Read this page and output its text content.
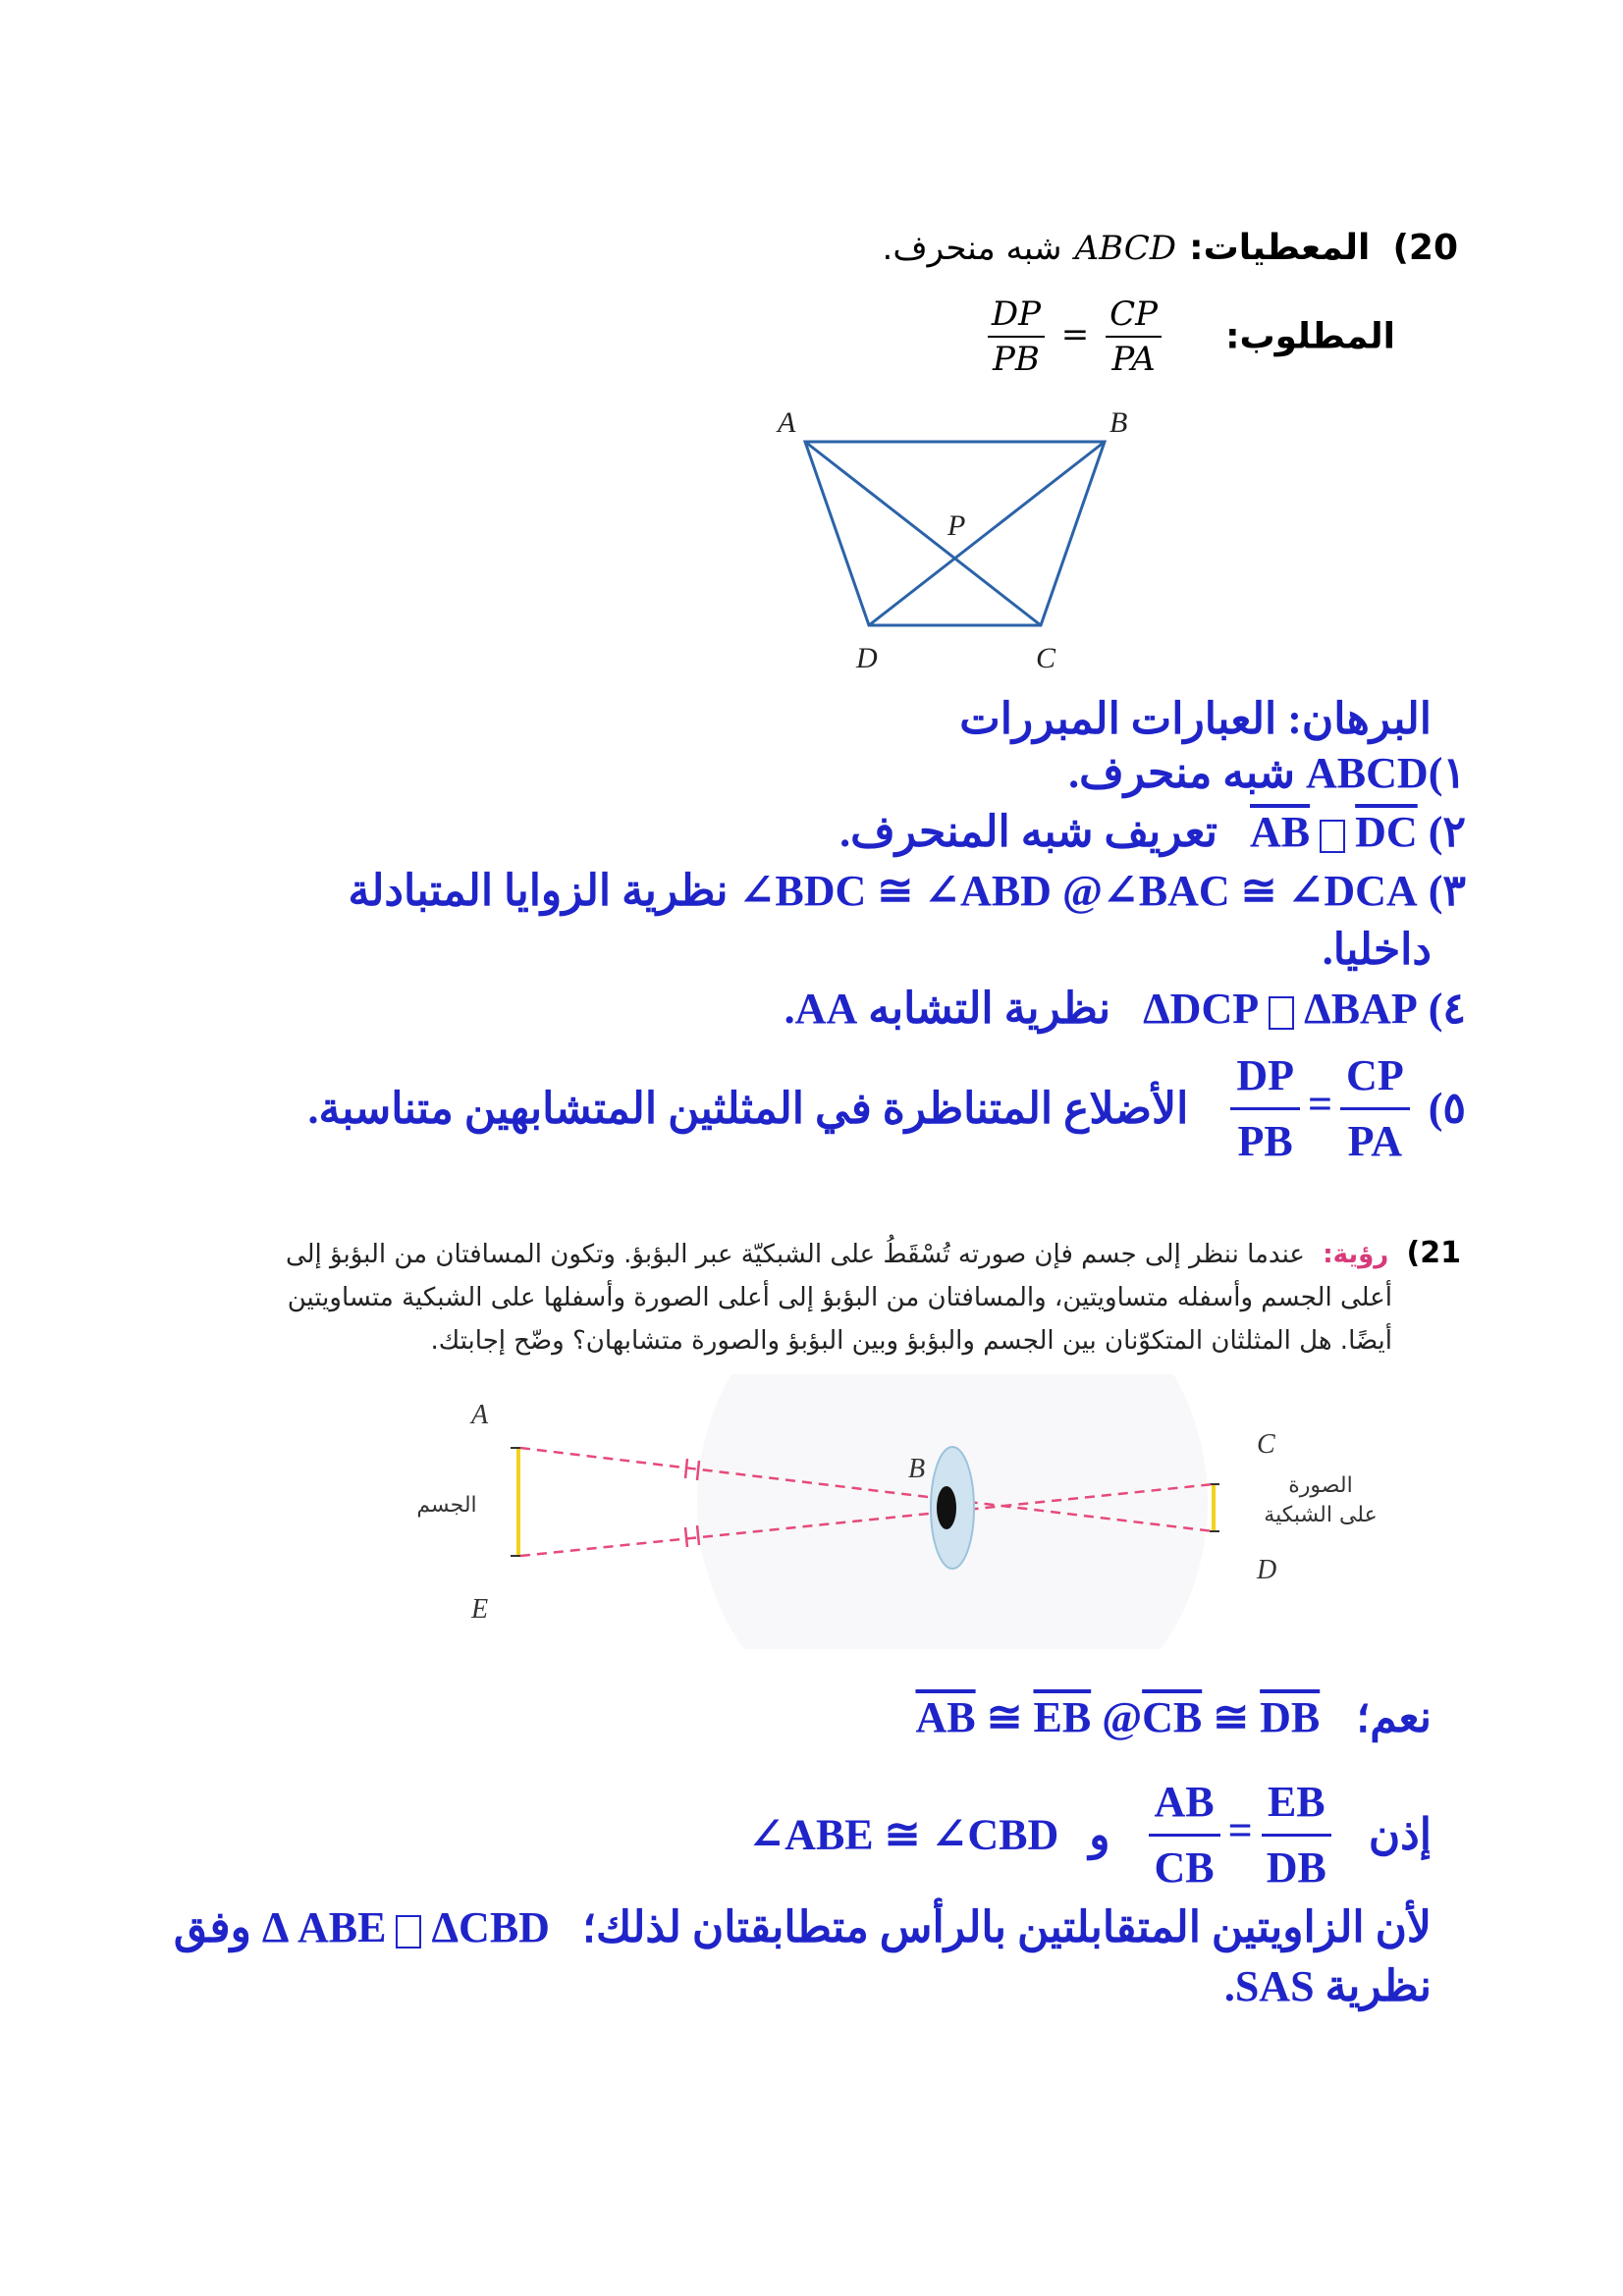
20) المعطيات: ABCD شبه منحرف.
المطلوب:
$\frac{DP}{PB} = \frac{CP}{PA}$
A	B
P
D	C
البرهان: العبارات المبررات
١)ABCD شبه منحرف.
٢) $\overline{AB}$ $\overline{DC}$ تعريف شبه المنحرف.
٣) ∠BDC ≅ ∠ABD @∠BAC ≅ ∠DCA نظرية الزوايا المتبادلة
داخليا.
٤) ΔDCP ΔBAP نظرية التشابه AA.
٥)
$\frac{DP}{PB} = \frac{CP}{PA}$
الأضلاع المتناظرة في المثلثين المتشابهين متناسبة.
21) رؤية: عندما ننظر إلى جسم فإن صورته تُسْقَطُ على الشبكيّة عبر البؤبؤ. وتكون المسافتان من البؤبؤ إلى
أعلى الجسم وأسفله متساويتين، والمسافتان من البؤبؤ إلى أعلى الصورة وأسفلها على الشبكية متساويتين
أيضًا. هل المثلثان المتكوّنان بين الجسم والبؤبؤ وبين البؤبؤ والصورة متشابهان؟ وضّح إجابتك.
A
E
B
C
D
الجسم
الصورة
على الشبكية
نعم؛ $\overline{AB}$ ≅ $\overline{EB}$ $@\overline{CB}$ ≅ $\overline{DB}$
إذن
$\frac{AB}{CB} = \frac{EB}{DB}$
و ∠ABE ≅ ∠CBD
لأن الزاويتين المتقابلتين بالرأس متطابقتان لذلك؛ Δ ABE ΔCBD وفق
نظرية SAS.
